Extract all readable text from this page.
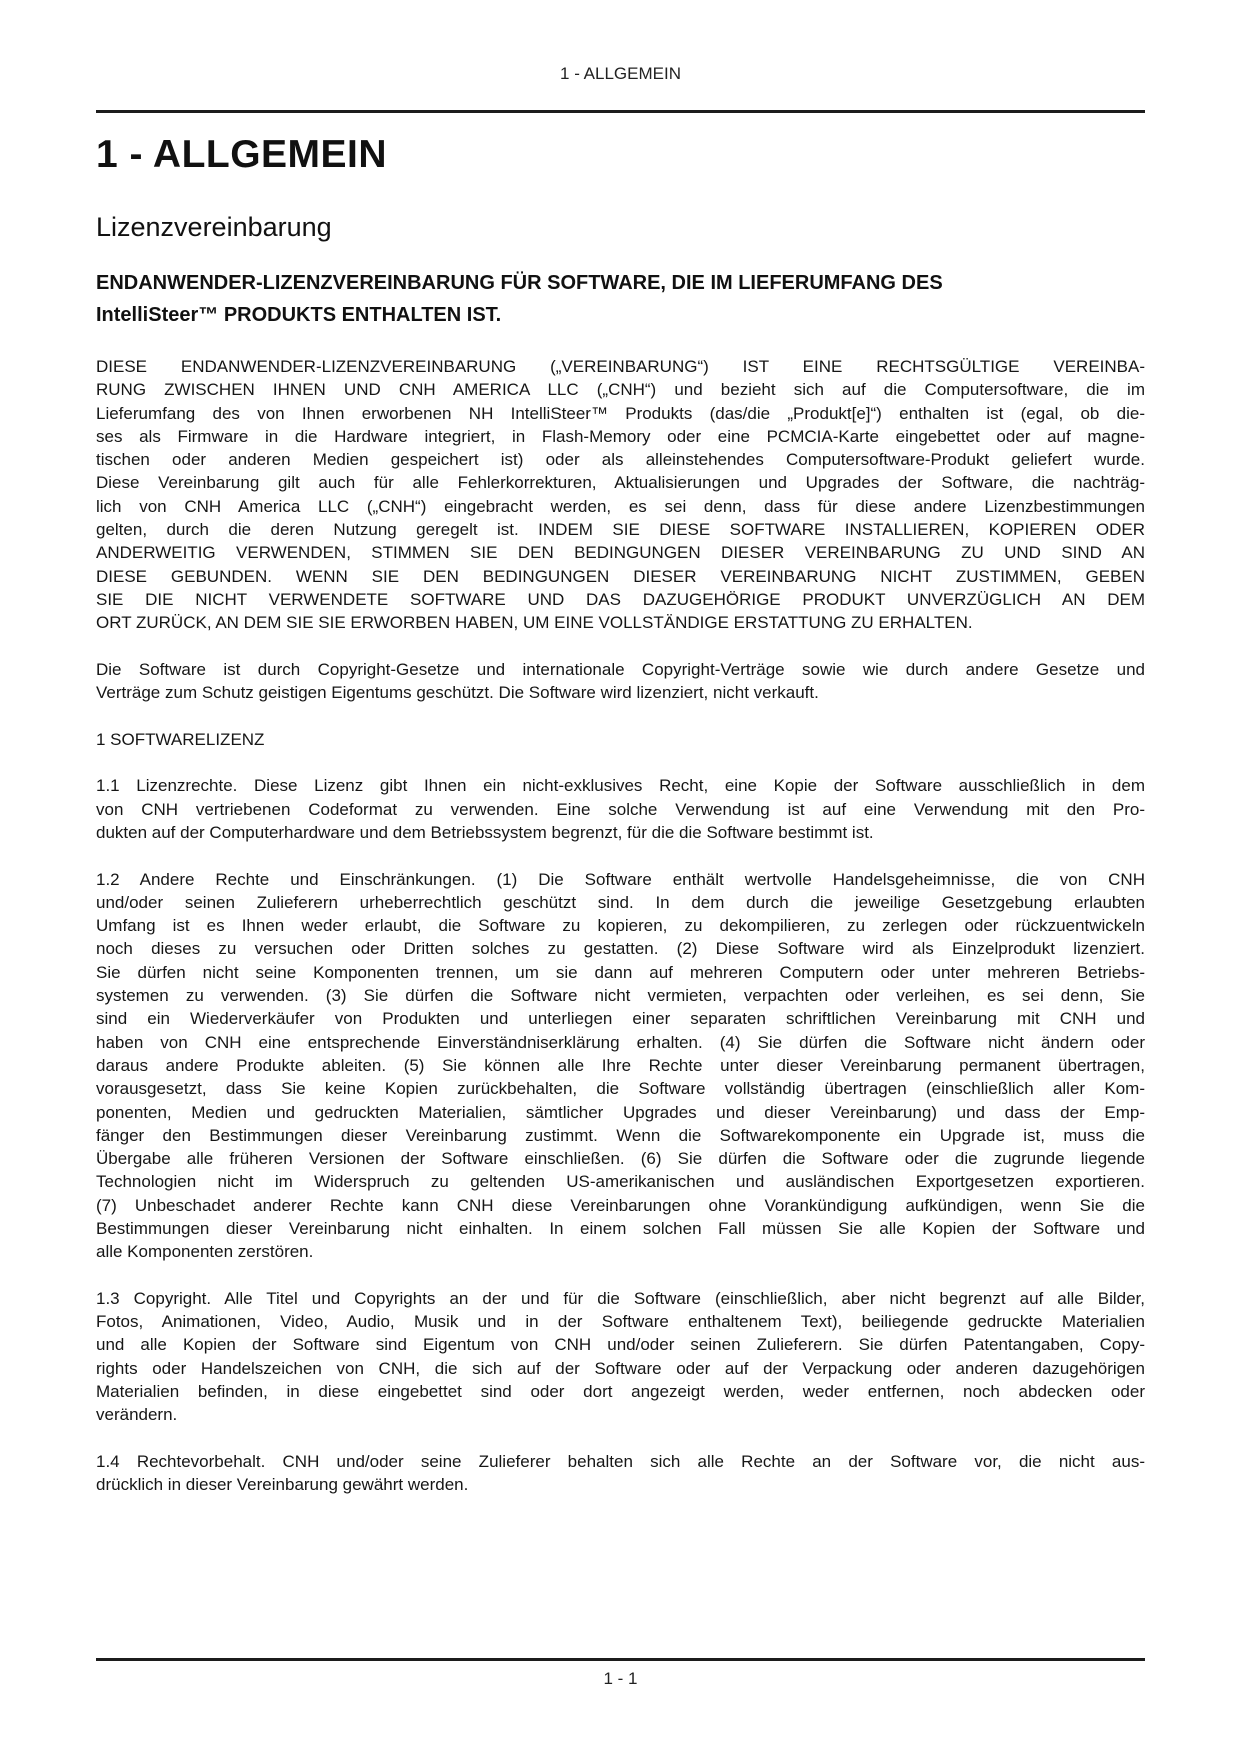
1 - ALLGEMEIN
1 - ALLGEMEIN
Lizenzvereinbarung
ENDANWENDER-LIZENZVEREINBARUNG FÜR SOFTWARE, DIE IM LIEFERUMFANG DES
IntelliSteer™ PRODUKTS ENTHALTEN IST.
DIESE ENDANWENDER-LIZENZVEREINBARUNG („VEREINBARUNG“) IST EINE RECHTSGÜLTIGE VEREINBA-
RUNG ZWISCHEN IHNEN UND CNH AMERICA LLC („CNH“) und bezieht sich auf die Computersoftware, die im
Lieferumfang des von Ihnen erworbenen NH IntelliSteer™ Produkts (das/die „Produkt[e]“) enthalten ist (egal, ob die-
ses als Firmware in die Hardware integriert, in Flash-Memory oder eine PCMCIA-Karte eingebettet oder auf magne-
tischen oder anderen Medien gespeichert ist) oder als alleinstehendes Computersoftware-Produkt geliefert wurde.
Diese Vereinbarung gilt auch für alle Fehlerkorrekturen, Aktualisierungen und Upgrades der Software, die nachträg-
lich von CNH America LLC („CNH“) eingebracht werden, es sei denn, dass für diese andere Lizenzbestimmungen
gelten, durch die deren Nutzung geregelt ist. INDEM SIE DIESE SOFTWARE INSTALLIEREN, KOPIEREN ODER
ANDERWEITIG VERWENDEN, STIMMEN SIE DEN BEDINGUNGEN DIESER VEREINBARUNG ZU UND SIND AN
DIESE GEBUNDEN. WENN SIE DEN BEDINGUNGEN DIESER VEREINBARUNG NICHT ZUSTIMMEN, GEBEN
SIE DIE NICHT VERWENDETE SOFTWARE UND DAS DAZUGEHÖRIGE PRODUKT UNVERZÜGLICH AN DEM
ORT ZURÜCK, AN DEM SIE SIE ERWORBEN HABEN, UM EINE VOLLSTÄNDIGE ERSTATTUNG ZU ERHALTEN.
Die Software ist durch Copyright-Gesetze und internationale Copyright-Verträge sowie wie durch andere Gesetze und
Verträge zum Schutz geistigen Eigentums geschützt. Die Software wird lizenziert, nicht verkauft.
1 SOFTWARELIZENZ
1.1 Lizenzrechte. Diese Lizenz gibt Ihnen ein nicht-exklusives Recht, eine Kopie der Software ausschließlich in dem
von CNH vertriebenen Codeformat zu verwenden. Eine solche Verwendung ist auf eine Verwendung mit den Pro-
dukten auf der Computerhardware und dem Betriebssystem begrenzt, für die die Software bestimmt ist.
1.2 Andere Rechte und Einschränkungen. (1) Die Software enthält wertvolle Handelsgeheimnisse, die von CNH
und/oder seinen Zulieferern urheberrechtlich geschützt sind. In dem durch die jeweilige Gesetzgebung erlaubten
Umfang ist es Ihnen weder erlaubt, die Software zu kopieren, zu dekompilieren, zu zerlegen oder rückzuentwickeln
noch dieses zu versuchen oder Dritten solches zu gestatten. (2) Diese Software wird als Einzelprodukt lizenziert.
Sie dürfen nicht seine Komponenten trennen, um sie dann auf mehreren Computern oder unter mehreren Betriebs-
systemen zu verwenden. (3) Sie dürfen die Software nicht vermieten, verpachten oder verleihen, es sei denn, Sie
sind ein Wiederverkäufer von Produkten und unterliegen einer separaten schriftlichen Vereinbarung mit CNH und
haben von CNH eine entsprechende Einverständniserklärung erhalten. (4) Sie dürfen die Software nicht ändern oder
daraus andere Produkte ableiten. (5) Sie können alle Ihre Rechte unter dieser Vereinbarung permanent übertragen,
vorausgesetzt, dass Sie keine Kopien zurückbehalten, die Software vollständig übertragen (einschließlich aller Kom-
ponenten, Medien und gedruckten Materialien, sämtlicher Upgrades und dieser Vereinbarung) und dass der Emp-
fänger den Bestimmungen dieser Vereinbarung zustimmt. Wenn die Softwarekomponente ein Upgrade ist, muss die
Übergabe alle früheren Versionen der Software einschließen. (6) Sie dürfen die Software oder die zugrunde liegende
Technologien nicht im Widerspruch zu geltenden US-amerikanischen und ausländischen Exportgesetzen exportieren.
(7) Unbeschadet anderer Rechte kann CNH diese Vereinbarungen ohne Vorankündigung aufkündigen, wenn Sie die
Bestimmungen dieser Vereinbarung nicht einhalten. In einem solchen Fall müssen Sie alle Kopien der Software und
alle Komponenten zerstören.
1.3 Copyright. Alle Titel und Copyrights an der und für die Software (einschließlich, aber nicht begrenzt auf alle Bilder,
Fotos, Animationen, Video, Audio, Musik und in der Software enthaltenem Text), beiliegende gedruckte Materialien
und alle Kopien der Software sind Eigentum von CNH und/oder seinen Zulieferern. Sie dürfen Patentangaben, Copy-
rights oder Handelszeichen von CNH, die sich auf der Software oder auf der Verpackung oder anderen dazugehörigen
Materialien befinden, in diese eingebettet sind oder dort angezeigt werden, weder entfernen, noch abdecken oder
verändern.
1.4 Rechtevorbehalt. CNH und/oder seine Zulieferer behalten sich alle Rechte an der Software vor, die nicht aus-
drücklich in dieser Vereinbarung gewährt werden.
1 - 1
